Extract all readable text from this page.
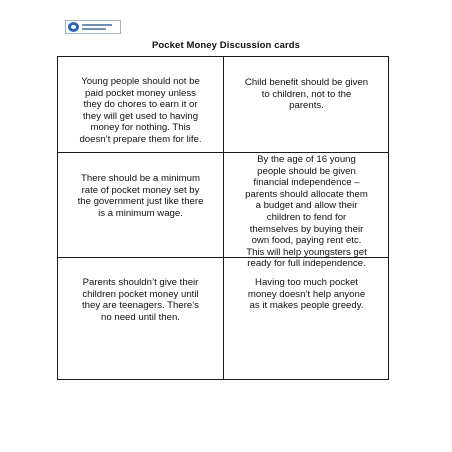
Pocket Money Discussion cards
Young people should not be
paid pocket money unless
they do chores to earn it or
they will get used to having
money for nothing. This
doesn’t prepare them for life.
Child benefit should be given
to children, not to the
parents.
There should be a minimum
rate of pocket money set by
the government just like there
is a minimum wage.
By the age of 16 young
people should be given
financial independence –
parents should allocate them
a budget and allow their
children to fend for
themselves by buying their
own food, paying rent etc.
This will help youngsters get
ready for full independence.
Parents shouldn’t give their
children pocket money until
they are teenagers. There’s
no need until then.
Having too much pocket
money doesn’t help anyone
as it makes people greedy.
